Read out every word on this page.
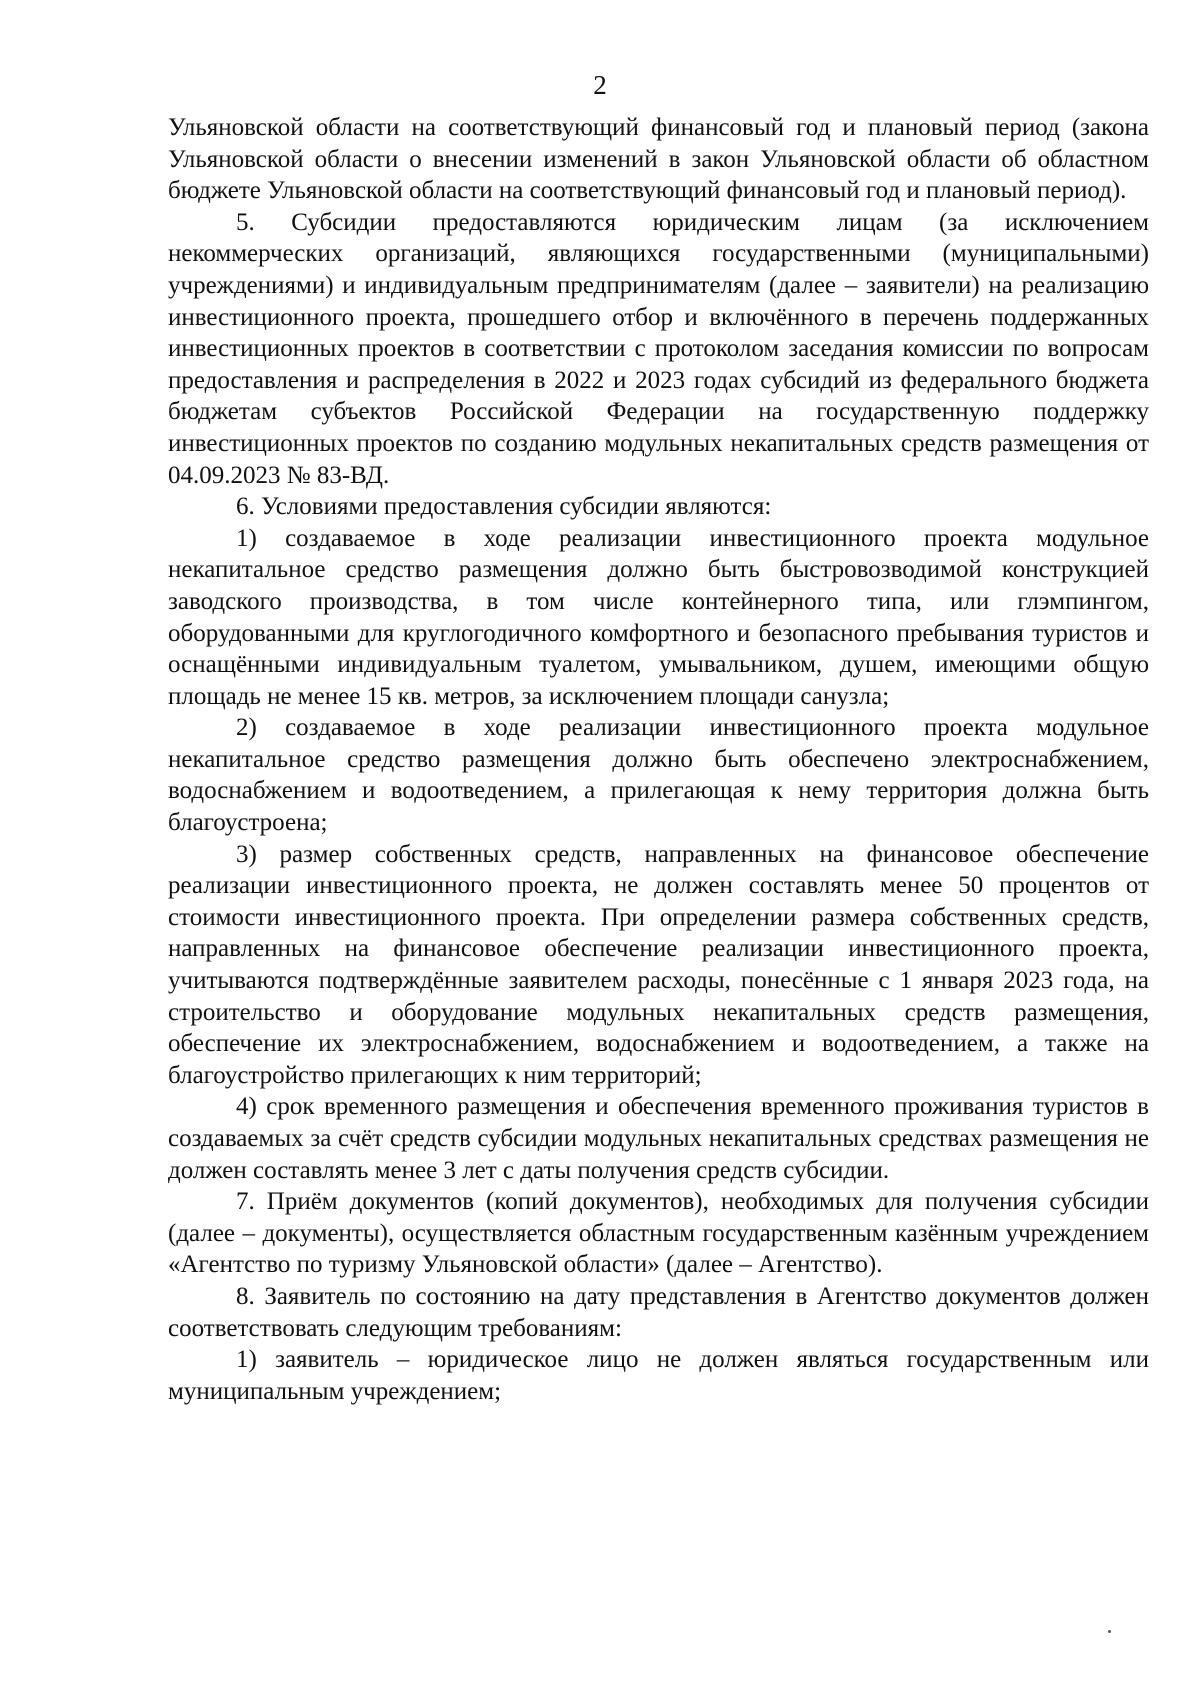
2

Ульяновской области на соответствующий финансовый год и плановый период (закона Ульяновской области о внесении изменений в закон Ульяновской области об областном бюджете Ульяновской области на соответствующий финансовый год и плановый период).

5. Субсидии предоставляются юридическим лицам (за исключением некоммерческих организаций, являющихся государственными (муниципальными) учреждениями) и индивидуальным предпринимателям (далее – заявители) на реализацию инвестиционного проекта, прошедшего отбор и включённого в перечень поддержанных инвестиционных проектов в соответствии с протоколом заседания комиссии по вопросам предоставления и распределения в 2022 и 2023 годах субсидий из федерального бюджета бюджетам субъектов Российской Федерации на государственную поддержку инвестиционных проектов по созданию модульных некапитальных средств размещения от 04.09.2023 № 83-ВД.

6. Условиями предоставления субсидии являются:

1) создаваемое в ходе реализации инвестиционного проекта модульное некапитальное средство размещения должно быть быстровозводимой конструкцией заводского производства, в том числе контейнерного типа, или глэмпингом, оборудованными для круглогодичного комфортного и безопасного пребывания туристов и оснащёнными индивидуальным туалетом, умывальником, душем, имеющими общую площадь не менее 15 кв. метров, за исключением площади санузла;

2) создаваемое в ходе реализации инвестиционного проекта модульное некапитальное средство размещения должно быть обеспечено электроснабжением, водоснабжением и водоотведением, а прилегающая к нему территория должна быть благоустроена;

3) размер собственных средств, направленных на финансовое обеспечение реализации инвестиционного проекта, не должен составлять менее 50 процентов от стоимости инвестиционного проекта. При определении размера собственных средств, направленных на финансовое обеспечение реализации инвестиционного проекта, учитываются подтверждённые заявителем расходы, понесённые с 1 января 2023 года, на строительство и оборудование модульных некапитальных средств размещения, обеспечение их электроснабжением, водоснабжением и водоотведением, а также на благоустройство прилегающих к ним территорий;

4) срок временного размещения и обеспечения временного проживания туристов в создаваемых за счёт средств субсидии модульных некапитальных средствах размещения не должен составлять менее 3 лет с даты получения средств субсидии.

7. Приём документов (копий документов), необходимых для получения субсидии (далее – документы), осуществляется областным государственным казённым учреждением «Агентство по туризму Ульяновской области» (далее – Агентство).

8. Заявитель по состоянию на дату представления в Агентство документов должен соответствовать следующим требованиям:

1) заявитель – юридическое лицо не должен являться государственным или муниципальным учреждением;
